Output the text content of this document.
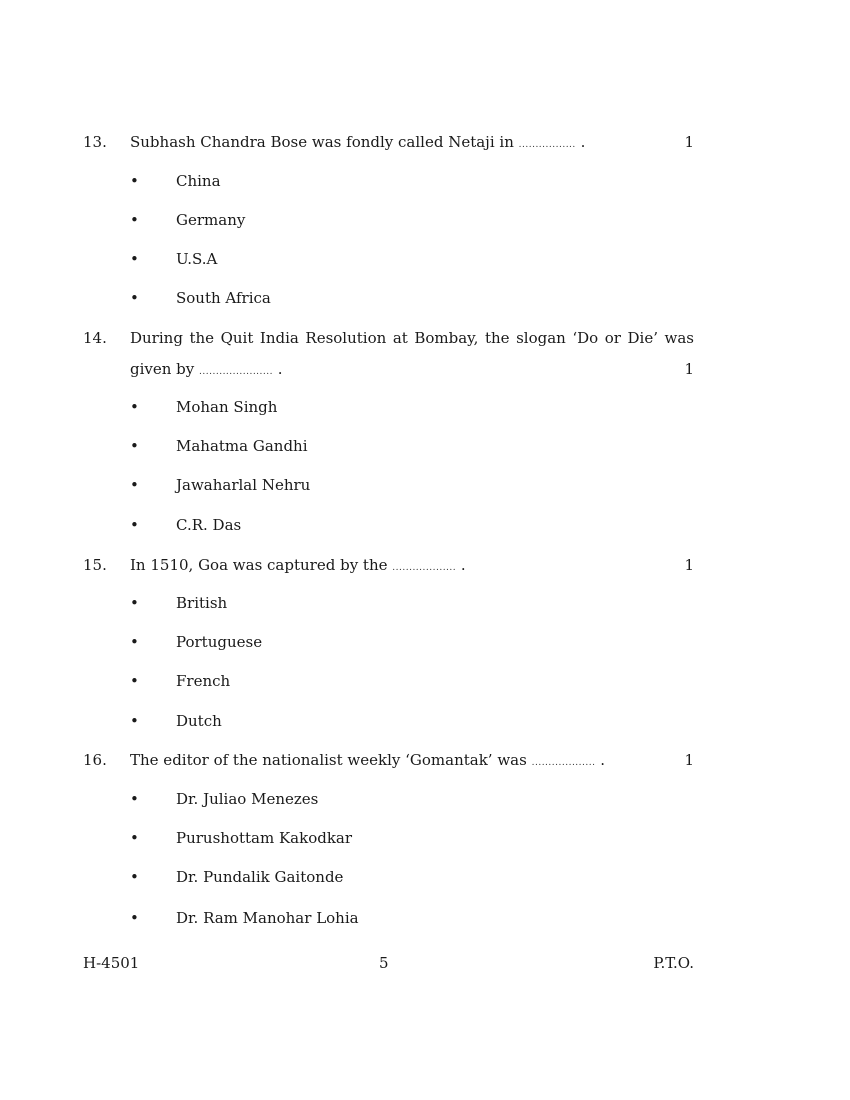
13. Subhash Chandra Bose was fondly called Netaji in ................. .	1
• China
• Germany
• U.S.A
• South Africa
14. During the Quit India Resolution at Bombay, the slogan ‘Do or Die’ was
given by ...................... .	1
• Mohan Singh
• Mahatma Gandhi
• Jawaharlal Nehru
• C.R. Das
15. In 1510, Goa was captured by the ................... .	1
• British
• Portuguese
• French
• Dutch
16. The editor of the nationalist weekly ‘Gomantak’ was ................... .	1
• Dr. Juliao Menezes
• Purushottam Kakodkar
• Dr. Pundalik Gaitonde
• Dr. Ram Manohar Lohia
H-4501	5	P.T.O.
